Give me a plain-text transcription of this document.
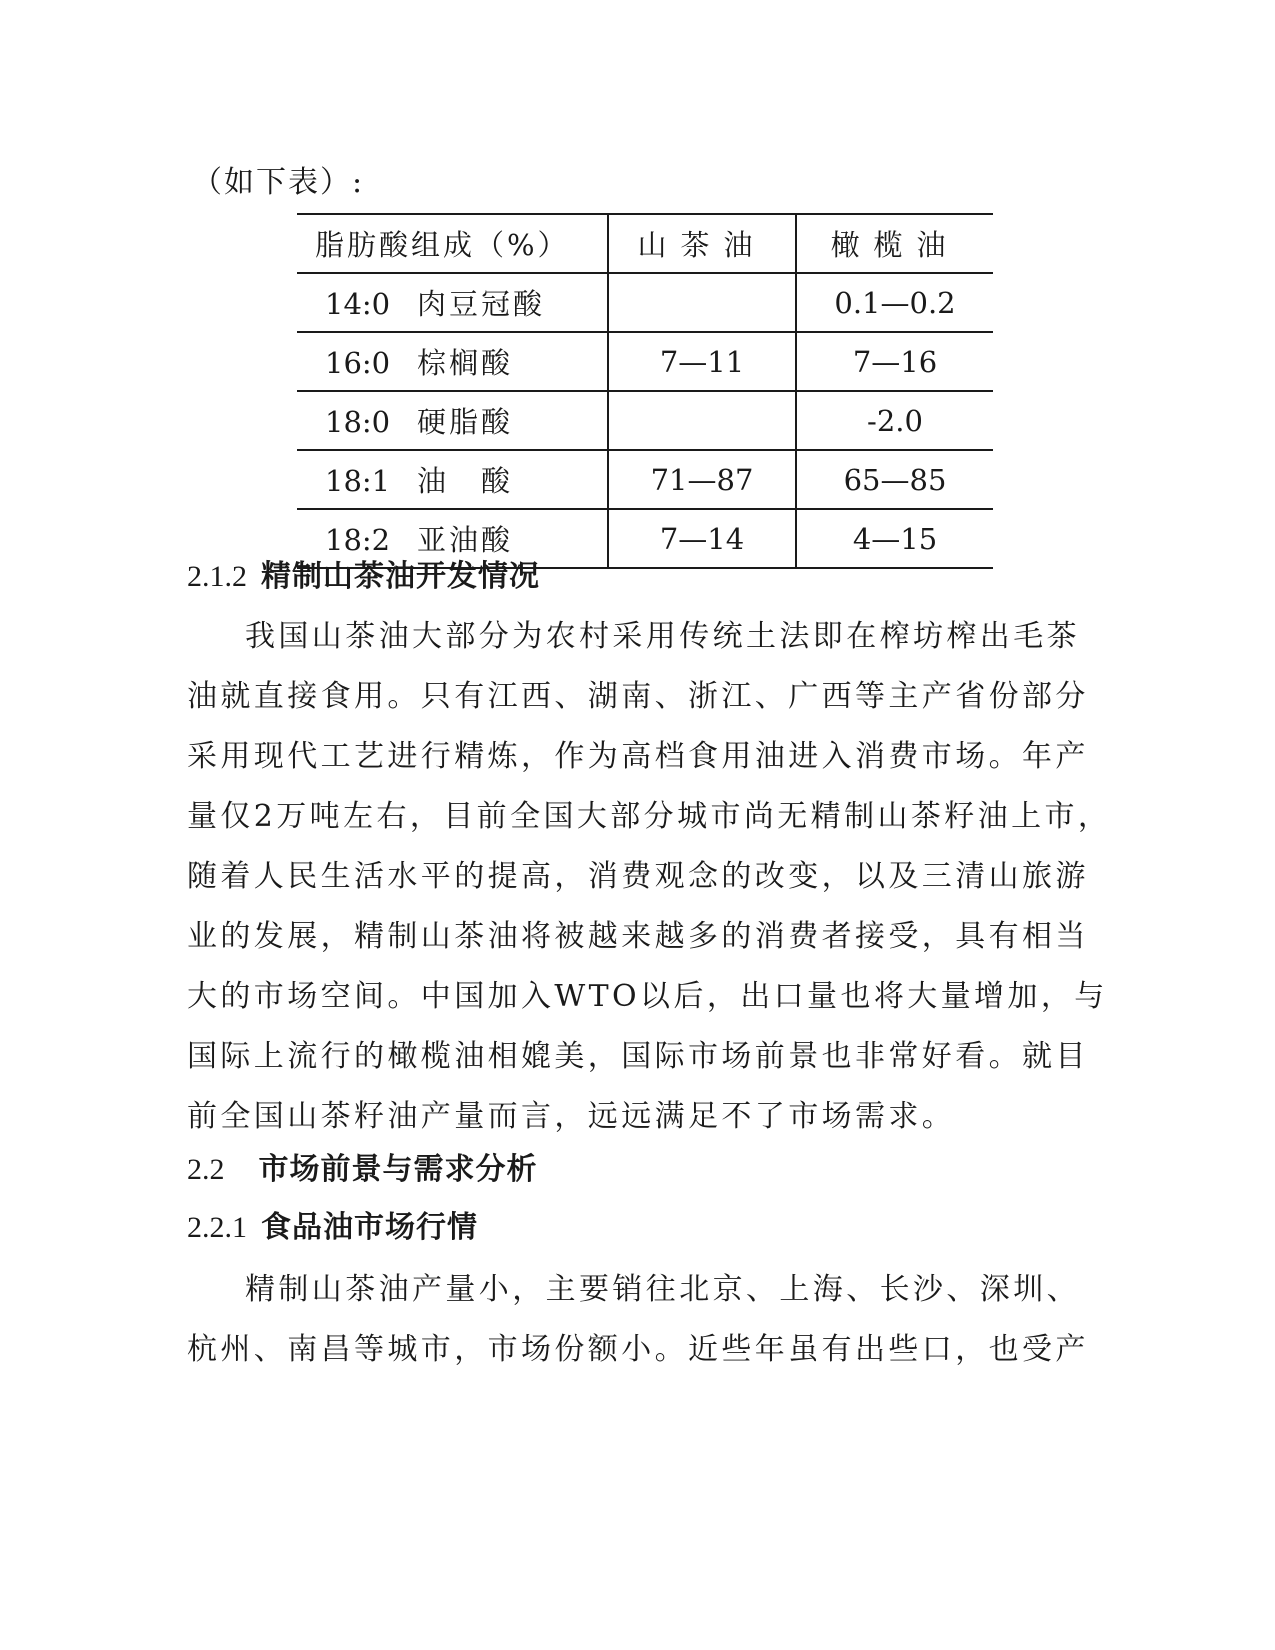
（如下表）:
脂肪酸组成（%）	山茶油	橄榄油
14:0 肉豆冠酸		0.1—0.2
16:0 棕榈酸	7—11	7—16
18:0 硬脂酸		-2.0
18:1 油　酸	71—87	65—85
18:2 亚油酸	7—14	4—15
2.1.2 精制山茶油开发情况
我国山茶油大部分为农村采用传统土法即在榨坊榨出毛茶
油就直接食用。只有江西、湖南、浙江、广西等主产省份部分
采用现代工艺进行精炼，作为高档食用油进入消费市场。年产
量仅2万吨左右，目前全国大部分城市尚无精制山茶籽油上市，
随着人民生活水平的提高，消费观念的改变，以及三清山旅游
业的发展，精制山茶油将被越来越多的消费者接受，具有相当
大的市场空间。中国加入WTO以后，出口量也将大量增加，与
国际上流行的橄榄油相媲美，国际市场前景也非常好看。就目
前全国山茶籽油产量而言，远远满足不了市场需求。
2.2 市场前景与需求分析
2.2.1 食品油市场行情
精制山茶油产量小，主要销往北京、上海、长沙、深圳、
杭州、南昌等城市，市场份额小。近些年虽有出些口，也受产
